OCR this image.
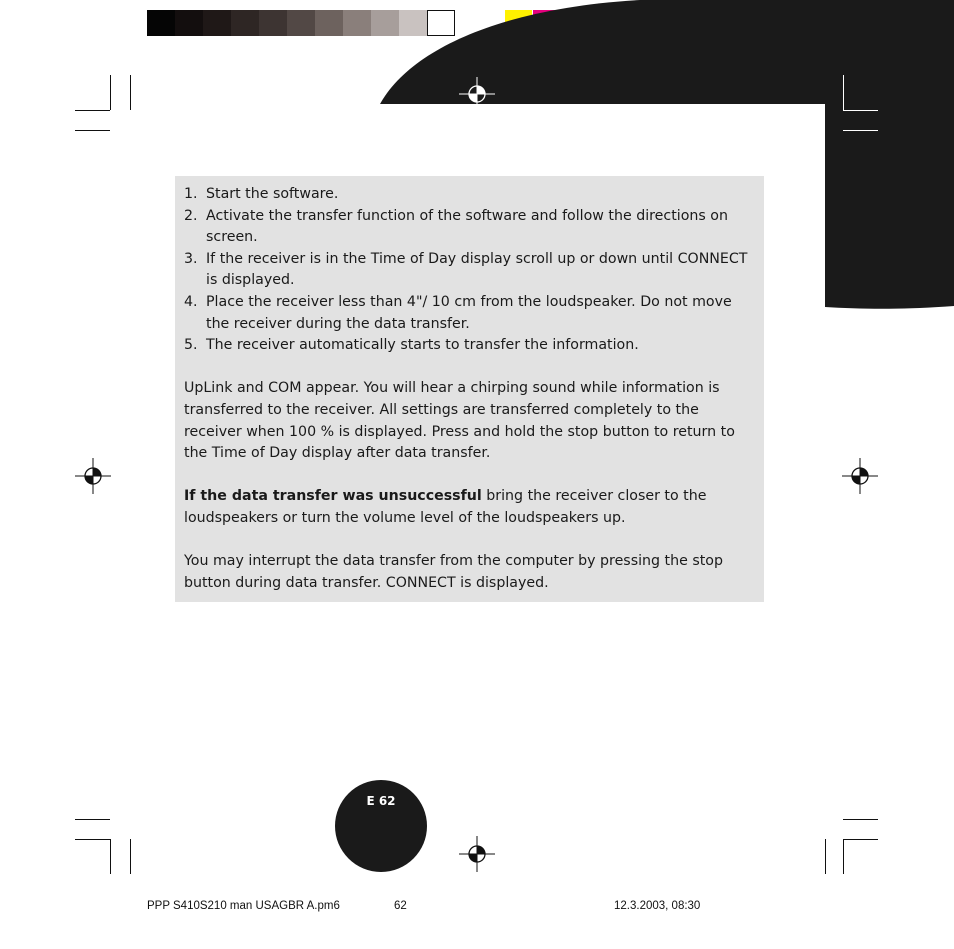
1. Start the software.
2. Activate the transfer function of the software and follow the directions on screen.
3. If the receiver is in the Time of Day display scroll up or down until CONNECT is displayed.
4. Place the receiver less than 4"/ 10 cm from the loudspeaker. Do not move the receiver during the data transfer.
5. The receiver automatically starts to transfer the information.

UpLink and COM appear. You will hear a chirping sound while information is transferred to the receiver. All settings are transferred completely to the receiver when 100 % is displayed. Press and hold the stop button to return to the Time of Day display after data transfer.

If the data transfer was unsuccessful bring the receiver closer to the loudspeakers or turn the volume level of the loudspeakers up.

You may interrupt the data transfer from the computer by pressing the stop button during data transfer. CONNECT is displayed.

E 62
PPP S410S210 man USAGBR A.pm6	62	12.3.2003, 08:30
